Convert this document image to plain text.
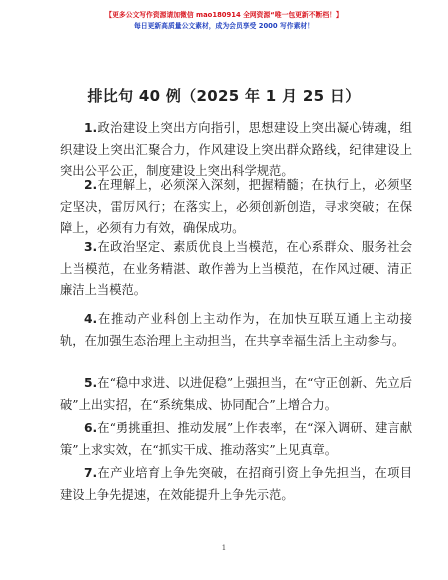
【更多公文写作资源请加微信 mao180914 全网资源“唯一包更新不断档！】
每日更新高质量公文素材，成为会员享受 2000 写作素材！
排比句 40 例（2025 年 1 月 25 日）

1.政治建设上突出方向指引，思想建设上突出凝心铸魂，组织建设上突出汇聚合力，作风建设上突出群众路线，纪律建设上突出公平公正，制度建设上突出科学规范。

2.在理解上，必须深入深刻，把握精髓；在执行上，必须坚定坚决，雷厉风行；在落实上，必须创新创造，寻求突破；在保障上，必须有力有效，确保成功。

3.在政治坚定、素质优良上当模范，在心系群众、服务社会上当模范，在业务精湛、敢作善为上当模范，在作风过硬、清正廉洁上当模范。

4.在推动产业科创上主动作为，在加快互联互通上主动接轨，在加强生态治理上主动担当，在共享幸福生活上主动参与。

5.在“稳中求进、以进促稳”上强担当，在“守正创新、先立后破”上出实招，在“系统集成、协同配合”上增合力。

6.在“勇挑重担、推动发展”上作表率，在“深入调研、建言献策”上求实效，在“抓实干成、推动落实”上见真章。

7.在产业培育上争先突破，在招商引资上争先担当，在项目建设上争先提速，在效能提升上争先示范。

1
